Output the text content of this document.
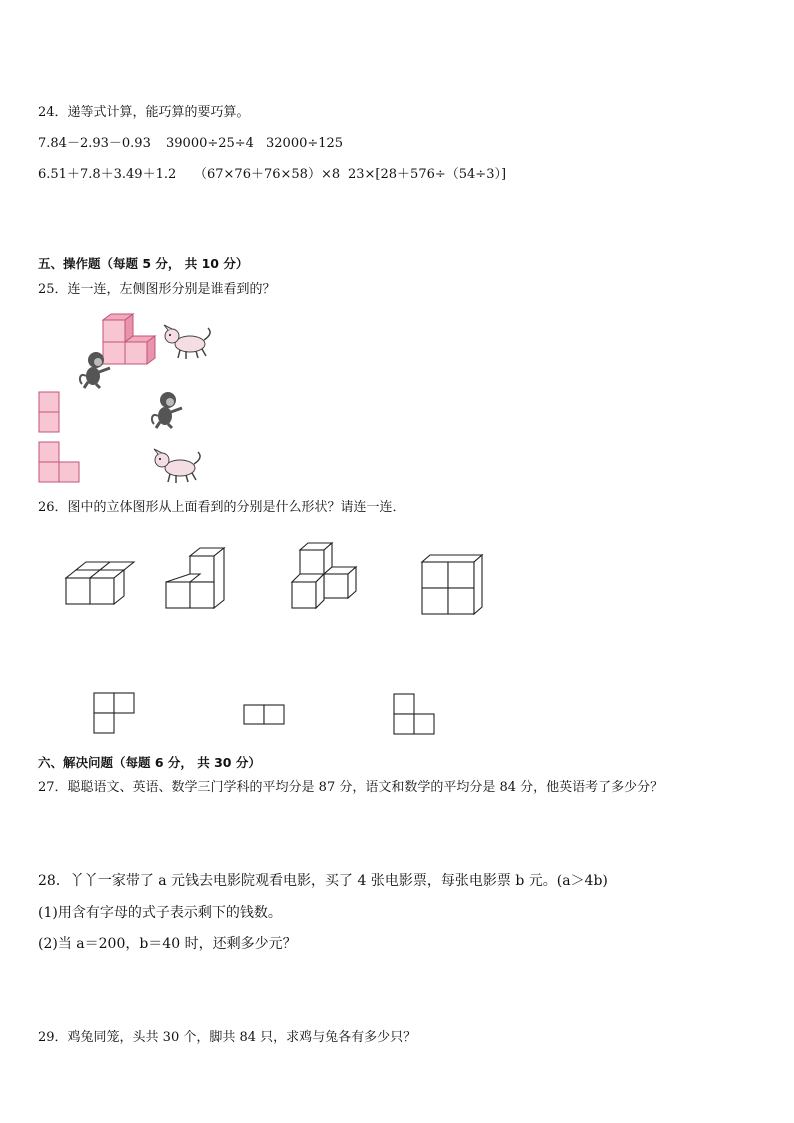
24．递等式计算，能巧算的要巧算。
7.84－2.93－0.93 39000÷25÷4 32000÷125
6.51＋7.8＋3.49＋1.2 （67×76＋76×58）×8 23×[28＋576÷（54÷3）]
五、操作题（每题 5 分， 共 10 分）
25．连一连，左侧图形分别是谁看到的？
26．图中的立体图形从上面看到的分别是什么形状？请连一连．
六、解决问题（每题 6 分， 共 30 分）
27．聪聪语文、英语、数学三门学科的平均分是 87 分，语文和数学的平均分是 84 分，他英语考了多少分？
28．丫丫一家带了 a 元钱去电影院观看电影，买了 4 张电影票，每张电影票 b 元。(a＞4b)
(1)用含有字母的式子表示剩下的钱数。
(2)当 a＝200，b＝40 时，还剩多少元？
29．鸡兔同笼，头共 30 个，脚共 84 只，求鸡与兔各有多少只？
